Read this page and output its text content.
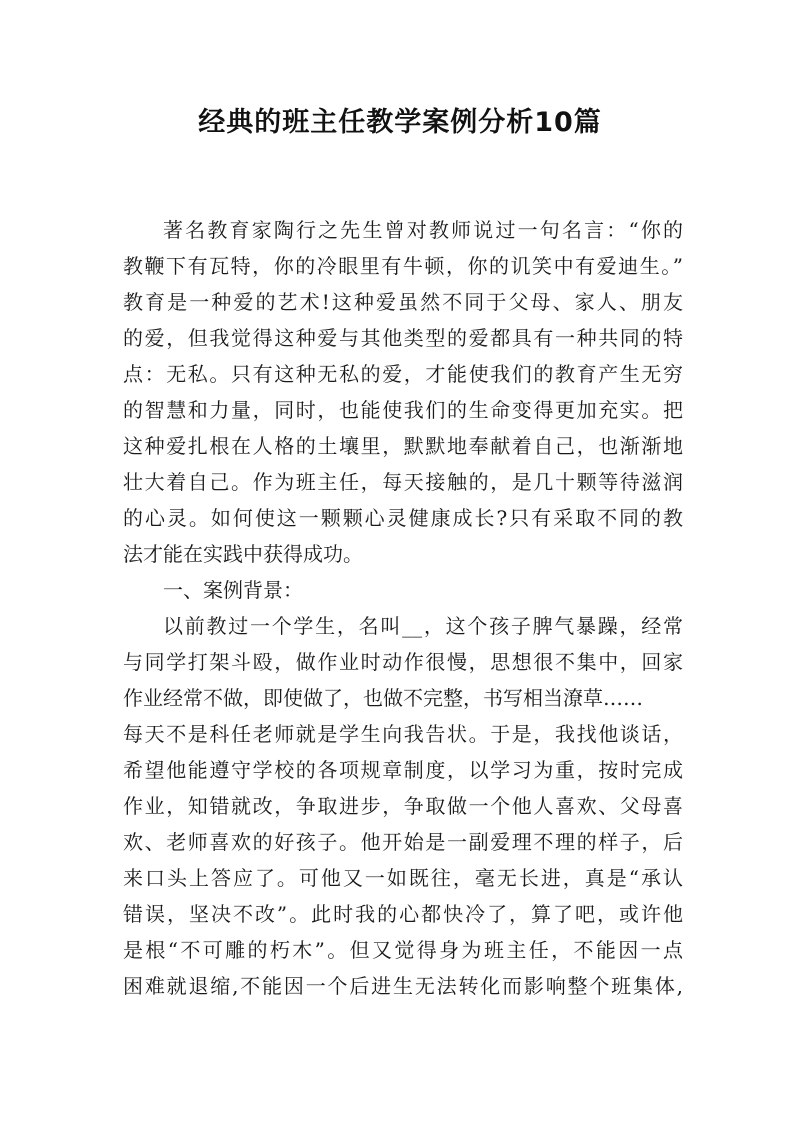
经典的班主任教学案例分析10篇
著名教育家陶行之先生曾对教师说过一句名言：“你的
教鞭下有瓦特，你的冷眼里有牛顿，你的讥笑中有爱迪生。”
教育是一种爱的艺术!这种爱虽然不同于父母、家人、朋友
的爱，但我觉得这种爱与其他类型的爱都具有一种共同的特
点：无私。只有这种无私的爱，才能使我们的教育产生无穷
的智慧和力量，同时，也能使我们的生命变得更加充实。把
这种爱扎根在人格的土壤里，默默地奉献着自己，也渐渐地
壮大着自己。作为班主任，每天接触的，是几十颗等待滋润
的心灵。如何使这一颗颗心灵健康成长?只有采取不同的教
法才能在实践中获得成功。
一、案例背景：
以前教过一个学生，名叫__，这个孩子脾气暴躁，经常
与同学打架斗殴，做作业时动作很慢，思想很不集中，回家
作业经常不做，即使做了，也做不完整，书写相当潦草……
每天不是科任老师就是学生向我告状。于是，我找他谈话，
希望他能遵守学校的各项规章制度，以学习为重，按时完成
作业，知错就改，争取进步，争取做一个他人喜欢、父母喜
欢、老师喜欢的好孩子。他开始是一副爱理不理的样子，后
来口头上答应了。可他又一如既往，毫无长进，真是“承认
错误，坚决不改”。此时我的心都快冷了，算了吧，或许他
是根“不可雕的朽木”。但又觉得身为班主任，不能因一点
困难就退缩,不能因一个后进生无法转化而影响整个班集体,
